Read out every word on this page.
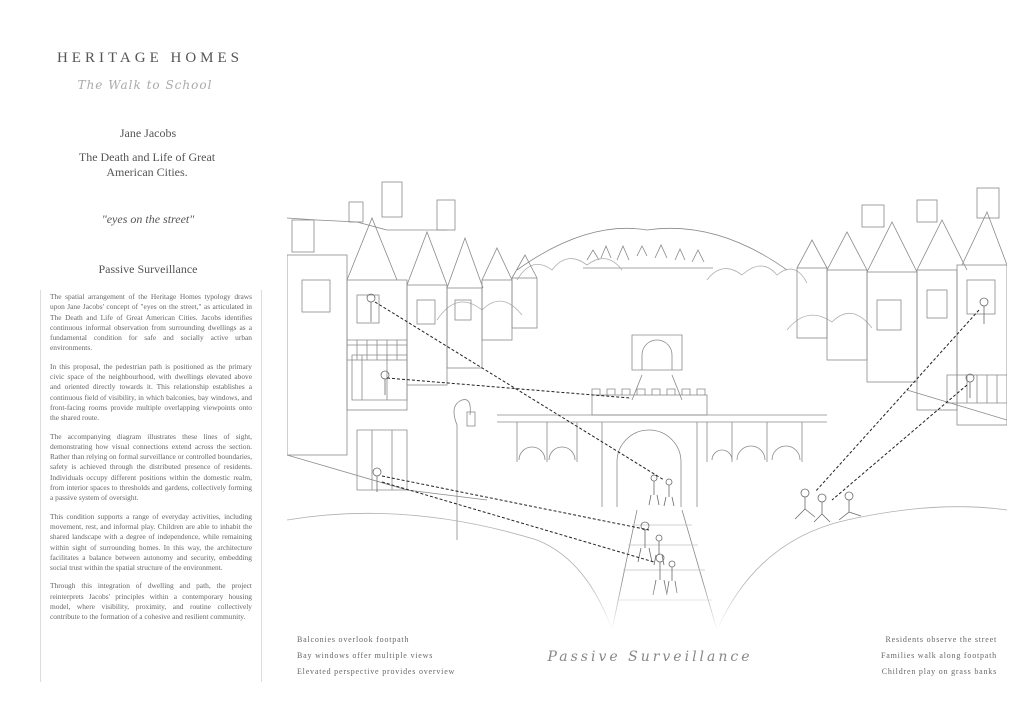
HERITAGE HOMES
The Walk to School
Jane Jacobs
The Death and Life of Great American Cities.
"eyes on the street"
Passive Surveillance

The spatial arrangement of the Heritage Homes typology draws upon Jane Jacobs' concept of "eyes on the street," as articulated in The Death and Life of Great American Cities. Jacobs identifies continuous informal observation from surrounding dwellings as a fundamental condition for safe and socially active urban environments.

In this proposal, the pedestrian path is positioned as the primary civic space of the neighbourhood, with dwellings elevated above and oriented directly towards it. This relationship establishes a continuous field of visibility, in which balconies, bay windows, and front-facing rooms provide multiple overlapping viewpoints onto the shared route.

The accompanying diagram illustrates these lines of sight, demonstrating how visual connections extend across the section. Rather than relying on formal surveillance or controlled boundaries, safety is achieved through the distributed presence of residents. Individuals occupy different positions within the domestic realm, from interior spaces to thresholds and gardens, collectively forming a passive system of oversight.

This condition supports a range of everyday activities, including movement, rest, and informal play. Children are able to inhabit the shared landscape with a degree of independence, while remaining within sight of surrounding homes. In this way, the architecture facilitates a balance between autonomy and security, embedding social trust within the spatial structure of the environment.

Through this integration of dwelling and path, the project reinterprets Jacobs' principles within a contemporary housing model, where visibility, proximity, and routine collectively contribute to the formation of a cohesive and resilient community.

Balconies overlook footpath
Bay windows offer multiple views
Elevated perspective provides overview
Passive Surveillance
Residents observe the street
Families walk along footpath
Children play on grass banks
